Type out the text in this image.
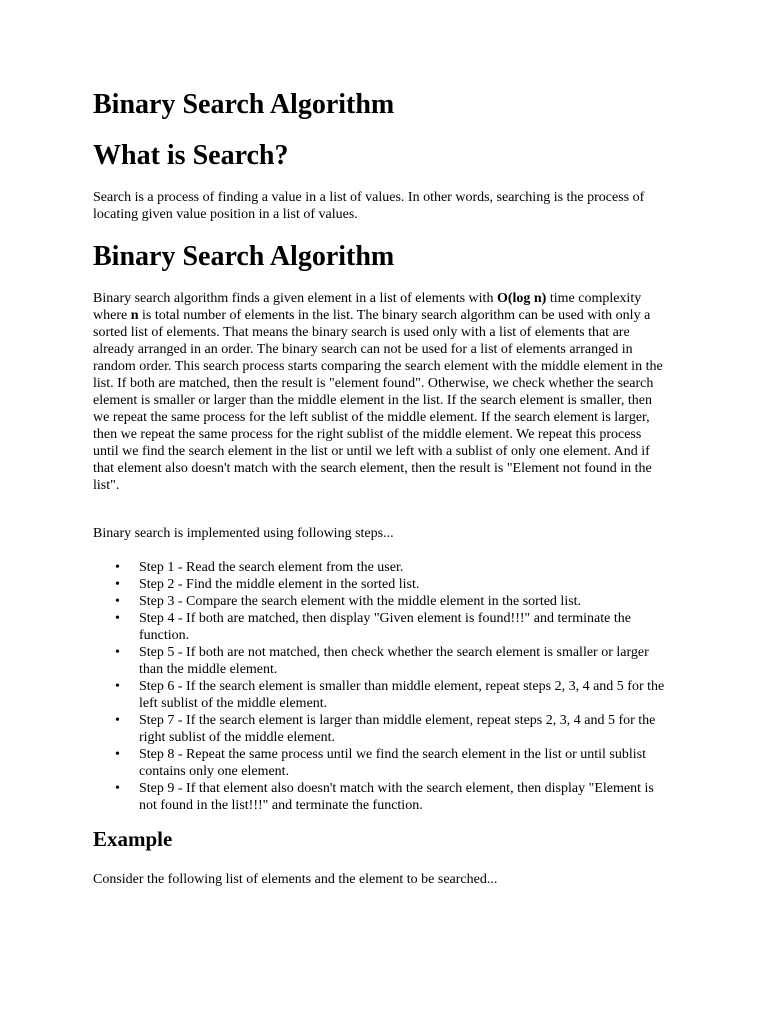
Binary Search Algorithm
What is Search?

Search is a process of finding a value in a list of values. In other words, searching is the process of locating given value position in a list of values.

Binary Search Algorithm

Binary search algorithm finds a given element in a list of elements with O(log n) time complexity where n is total number of elements in the list. The binary search algorithm can be used with only a sorted list of elements. That means the binary search is used only with a list of elements that are already arranged in an order. The binary search can not be used for a list of elements arranged in random order. This search process starts comparing the search element with the middle element in the list. If both are matched, then the result is "element found". Otherwise, we check whether the search element is smaller or larger than the middle element in the list. If the search element is smaller, then we repeat the same process for the left sublist of the middle element. If the search element is larger, then we repeat the same process for the right sublist of the middle element. We repeat this process until we find the search element in the list or until we left with a sublist of only one element. And if that element also doesn't match with the search element, then the result is "Element not found in the list".

Binary search is implemented using following steps...

• Step 1 - Read the search element from the user.
• Step 2 - Find the middle element in the sorted list.
• Step 3 - Compare the search element with the middle element in the sorted list.
• Step 4 - If both are matched, then display "Given element is found!!!" and terminate the function.
• Step 5 - If both are not matched, then check whether the search element is smaller or larger than the middle element.
• Step 6 - If the search element is smaller than middle element, repeat steps 2, 3, 4 and 5 for the left sublist of the middle element.
• Step 7 - If the search element is larger than middle element, repeat steps 2, 3, 4 and 5 for the right sublist of the middle element.
• Step 8 - Repeat the same process until we find the search element in the list or until sublist contains only one element.
• Step 9 - If that element also doesn't match with the search element, then display "Element is not found in the list!!!" and terminate the function.
Example

Consider the following list of elements and the element to be searched...
